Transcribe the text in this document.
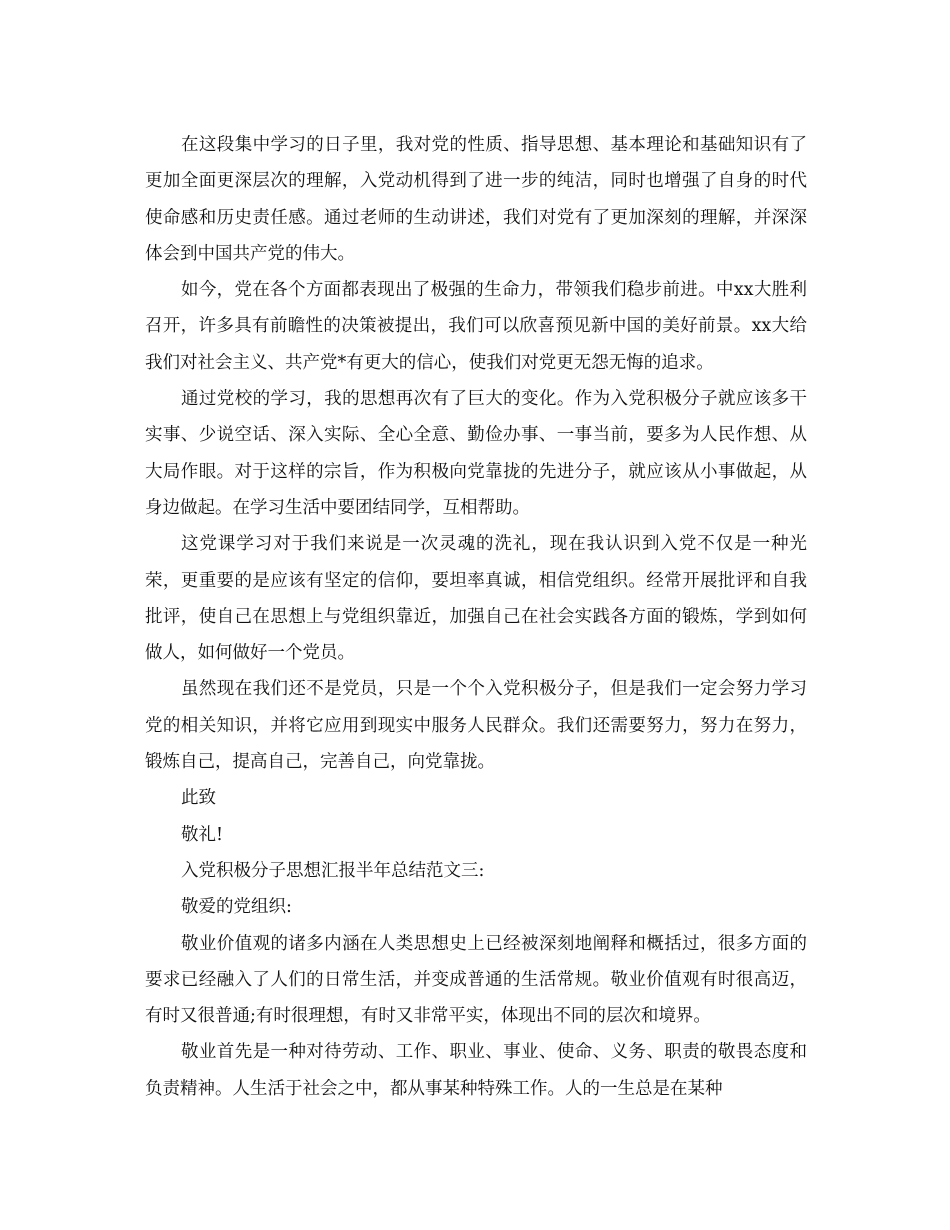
在这段集中学习的日子里，我对党的性质、指导思想、基本理论和基础知识有了更加全面更深层次的理解，入党动机得到了进一步的纯洁，同时也增强了自身的时代使命感和历史责任感。通过老师的生动讲述，我们对党有了更加深刻的理解，并深深体会到中国共产党的伟大。

如今，党在各个方面都表现出了极强的生命力，带领我们稳步前进。中xx大胜利召开，许多具有前瞻性的决策被提出，我们可以欣喜预见新中国的美好前景。xx大给我们对社会主义、共产党*有更大的信心，使我们对党更无怨无悔的追求。

通过党校的学习，我的思想再次有了巨大的变化。作为入党积极分子就应该多干实事、少说空话、深入实际、全心全意、勤俭办事、一事当前，要多为人民作想、从大局作眼。对于这样的宗旨，作为积极向党靠拢的先进分子，就应该从小事做起，从身边做起。在学习生活中要团结同学，互相帮助。

这党课学习对于我们来说是一次灵魂的洗礼，现在我认识到入党不仅是一种光荣，更重要的是应该有坚定的信仰，要坦率真诚，相信党组织。经常开展批评和自我批评，使自己在思想上与党组织靠近，加强自己在社会实践各方面的锻炼，学到如何做人，如何做好一个党员。

虽然现在我们还不是党员，只是一个个入党积极分子，但是我们一定会努力学习党的相关知识，并将它应用到现实中服务人民群众。我们还需要努力，努力在努力，锻炼自己，提高自己，完善自己，向党靠拢。

此致

敬礼!

入党积极分子思想汇报半年总结范文三:

敬爱的党组织:

敬业价值观的诸多内涵在人类思想史上已经被深刻地阐释和概括过，很多方面的要求已经融入了人们的日常生活，并变成普通的生活常规。敬业价值观有时很高迈，有时又很普通;有时很理想，有时又非常平实，体现出不同的层次和境界。

敬业首先是一种对待劳动、工作、职业、事业、使命、义务、职责的敬畏态度和负责精神。人生活于社会之中，都从事某种特殊工作。人的一生总是在某种
